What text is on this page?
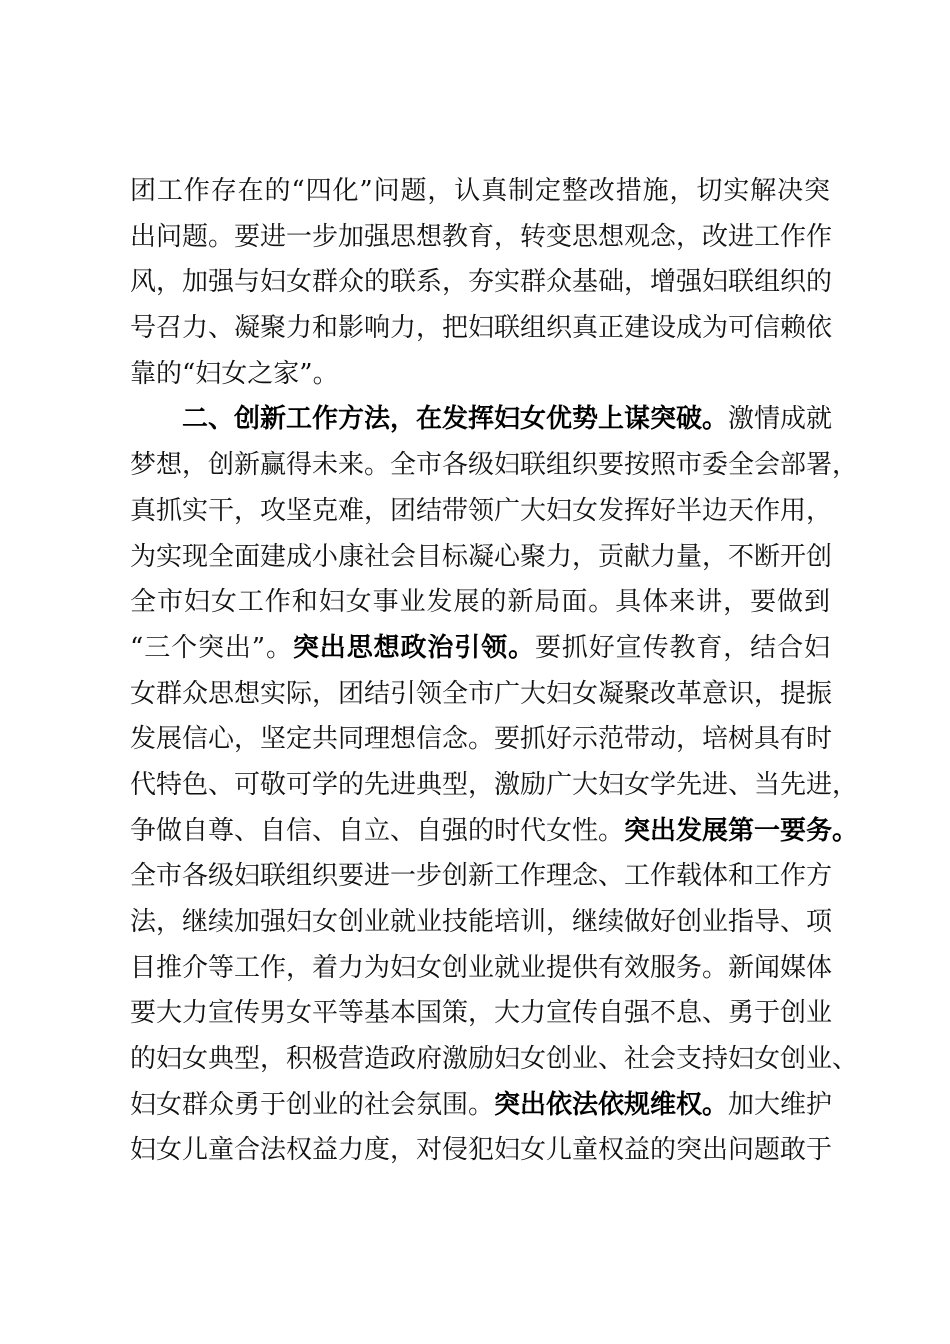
团工作存在的“四化”问题，认真制定整改措施，切实解决突
出问题。要进一步加强思想教育，转变思想观念，改进工作作
风，加强与妇女群众的联系，夯实群众基础，增强妇联组织的
号召力、凝聚力和影响力，把妇联组织真正建设成为可信赖依
靠的“妇女之家”。
二、创新工作方法，在发挥妇女优势上谋突破。激情成就
梦想，创新赢得未来。全市各级妇联组织要按照市委全会部署，
真抓实干，攻坚克难，团结带领广大妇女发挥好半边天作用，
为实现全面建成小康社会目标凝心聚力，贡献力量，不断开创
全市妇女工作和妇女事业发展的新局面。具体来讲，要做到
“三个突出”。突出思想政治引领。要抓好宣传教育，结合妇
女群众思想实际，团结引领全市广大妇女凝聚改革意识，提振
发展信心，坚定共同理想信念。要抓好示范带动，培树具有时
代特色、可敬可学的先进典型，激励广大妇女学先进、当先进，
争做自尊、自信、自立、自强的时代女性。突出发展第一要务。
全市各级妇联组织要进一步创新工作理念、工作载体和工作方
法，继续加强妇女创业就业技能培训，继续做好创业指导、项
目推介等工作，着力为妇女创业就业提供有效服务。新闻媒体
要大力宣传男女平等基本国策，大力宣传自强不息、勇于创业
的妇女典型，积极营造政府激励妇女创业、社会支持妇女创业、
妇女群众勇于创业的社会氛围。突出依法依规维权。加大维护
妇女儿童合法权益力度，对侵犯妇女儿童权益的突出问题敢于
